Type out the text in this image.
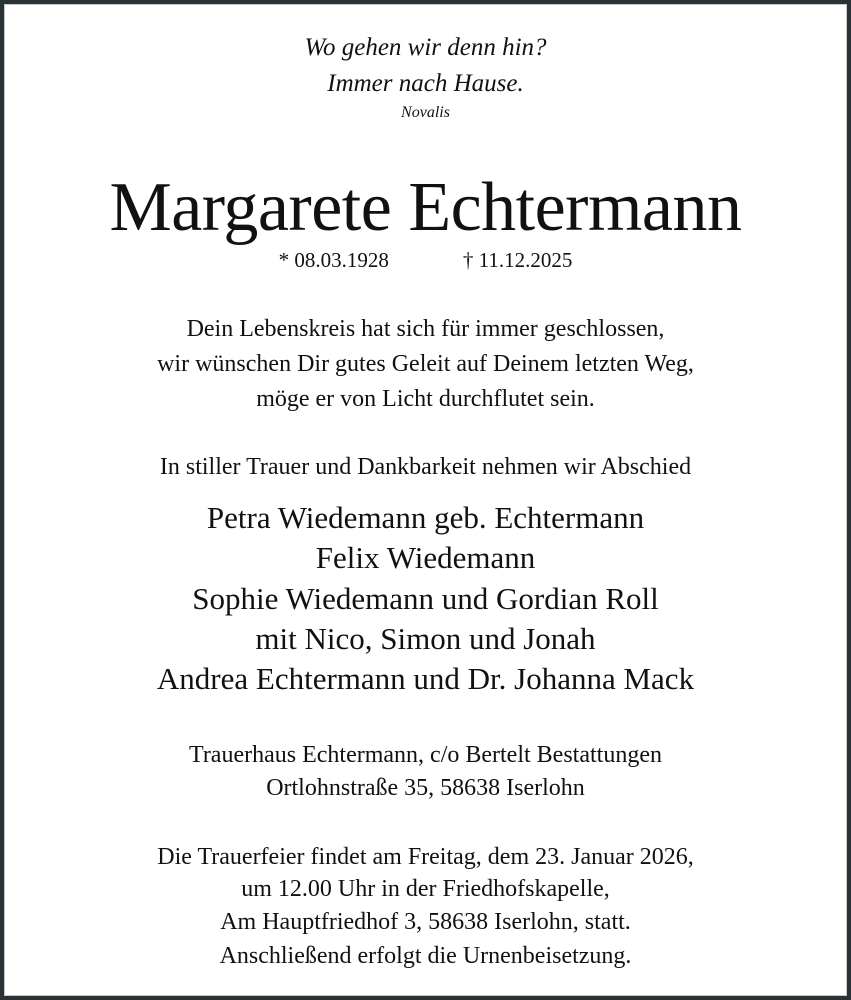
Wo gehen wir denn hin?
Immer nach Hause.
Novalis
Margarete Echtermann
* 08.03.1928	† 11.12.2025
Dein Lebenskreis hat sich für immer geschlossen,
wir wünschen Dir gutes Geleit auf Deinem letzten Weg,
möge er von Licht durchflutet sein.
In stiller Trauer und Dankbarkeit nehmen wir Abschied
Petra Wiedemann geb. Echtermann
Felix Wiedemann
Sophie Wiedemann und Gordian Roll
mit Nico, Simon und Jonah
Andrea Echtermann und Dr. Johanna Mack
Trauerhaus Echtermann, c/o Bertelt Bestattungen
Ortlohnstraße 35, 58638 Iserlohn
Die Trauerfeier findet am Freitag, dem 23. Januar 2026,
um 12.00 Uhr in der Friedhofskapelle,
Am Hauptfriedhof 3, 58638 Iserlohn, statt.
Anschließend erfolgt die Urnenbeisetzung.
